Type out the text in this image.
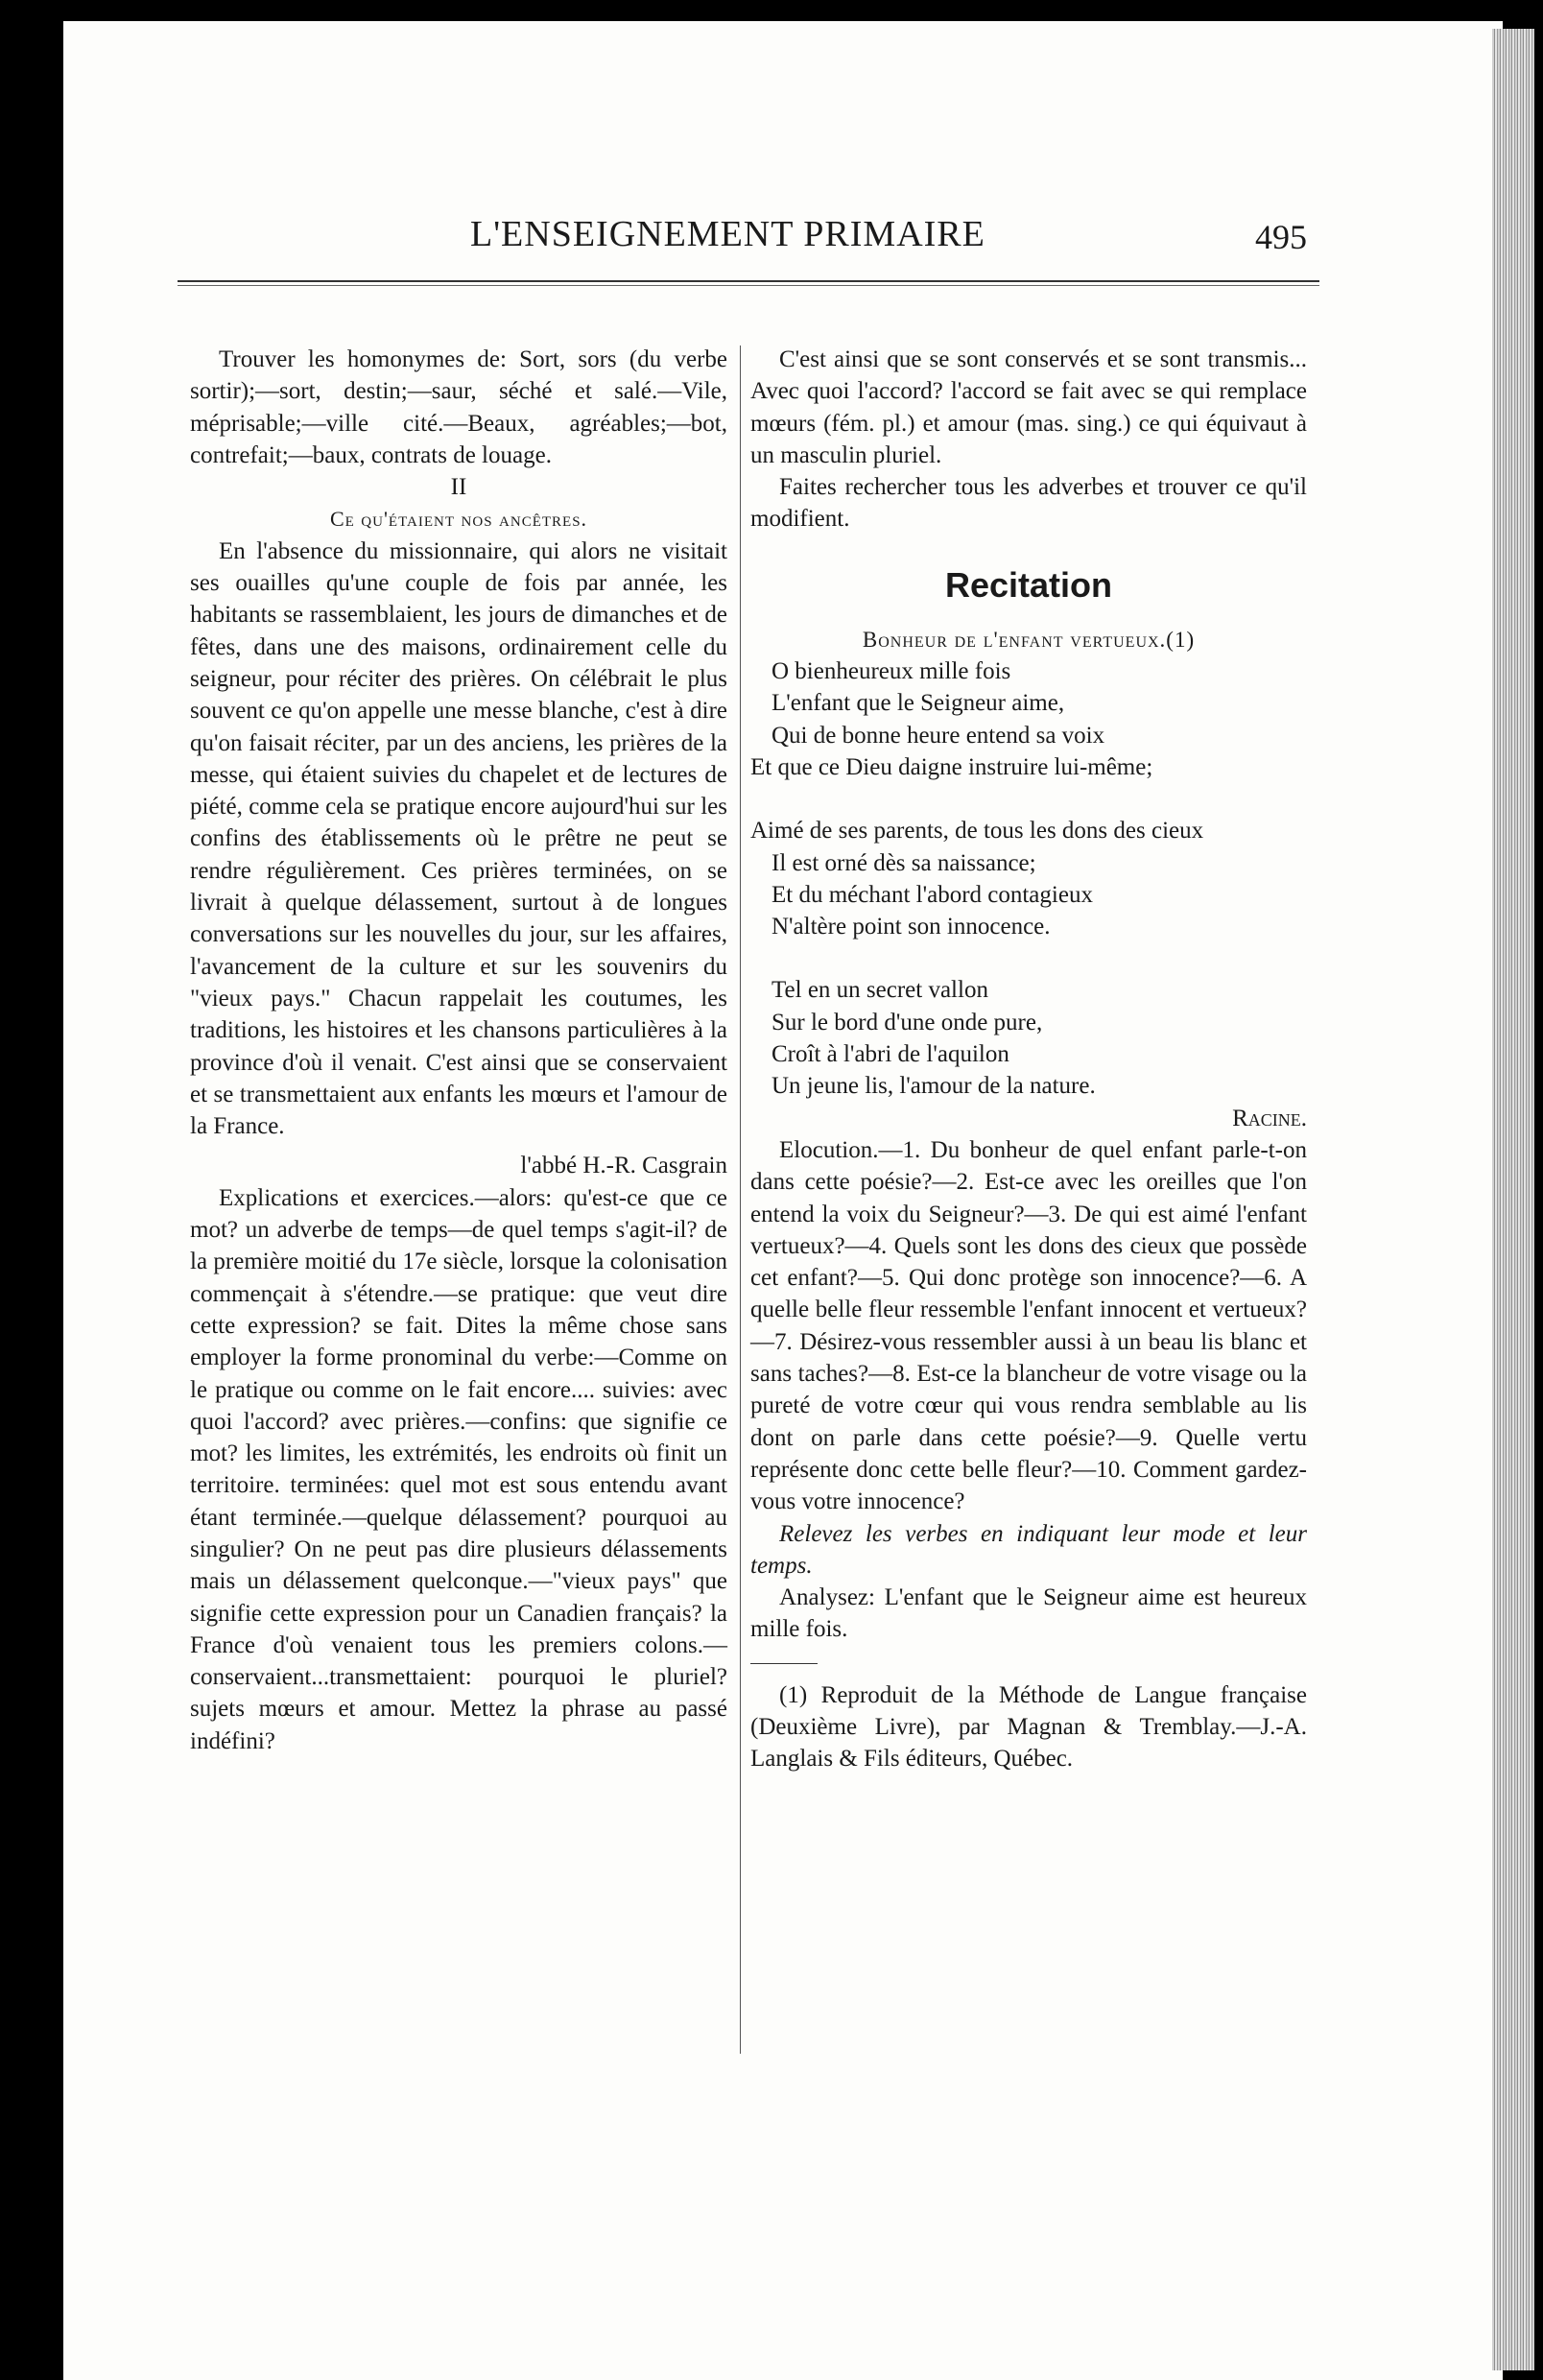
L'ENSEIGNEMENT PRIMAIRE	495

Trouver les homonymes de: Sort, sors (du verbe sortir);—sort, destin;—saur, séché et salé.—Vile, méprisable;—ville cité.—Beaux, agréables;—bot, contrefait;—baux, contrats de louage.

II

Ce qu'étaient nos ancêtres.

En l'absence du missionnaire, qui alors ne visitait ses ouailles qu'une couple de fois par année, les habitants se rassemblaient, les jours de dimanches et de fêtes, dans une des maisons, ordinairement celle du seigneur, pour réciter des prières. On célébrait le plus souvent ce qu'on appelle une messe blanche, c'est à dire qu'on faisait réciter, par un des anciens, les prières de la messe, qui étaient suivies du chapelet et de lectures de piété, comme cela se pratique encore aujourd'hui sur les confins des établissements où le prêtre ne peut se rendre régulièrement. Ces prières terminées, on se livrait à quelque délassement, surtout à de longues conversations sur les nouvelles du jour, sur les affaires, l'avancement de la culture et sur les souvenirs du "vieux pays." Chacun rappelait les coutumes, les traditions, les histoires et les chansons particulières à la province d'où il venait. C'est ainsi que se conservaient et se transmettaient aux enfants les mœurs et l'amour de la France.

l'abbé H.-R. Casgrain

Explications et exercices.—alors: qu'est-ce que ce mot? un adverbe de temps—de quel temps s'agit-il? de la première moitié du 17e siècle, lorsque la colonisation commençait à s'étendre.—se pratique: que veut dire cette expression? se fait. Dites la même chose sans employer la forme pronominal du verbe:—Comme on le pratique ou comme on le fait encore.... suivies: avec quoi l'accord? avec prières.—confins: que signifie ce mot? les limites, les extrémités, les endroits où finit un territoire. terminées: quel mot est sous entendu avant étant terminée.—quelque délassement? pourquoi au singulier? On ne peut pas dire plusieurs délassements mais un délassement quelconque.—"vieux pays" que signifie cette expression pour un Canadien français? la France d'où venaient tous les premiers colons.—conservaient...transmettaient: pourquoi le pluriel? sujets mœurs et amour. Mettez la phrase au passé indéfini?

C'est ainsi que se sont conservés et se sont transmis... Avec quoi l'accord? l'accord se fait avec se qui remplace mœurs (fém. pl.) et amour (mas. sing.) ce qui équivaut à un masculin pluriel.

Faites rechercher tous les adverbes et trouver ce qu'il modifient.

Recitation

Bonheur de l'enfant vertueux.(1)

O bienheureux mille fois
L'enfant que le Seigneur aime,
Qui de bonne heure entend sa voix
Et que ce Dieu daigne instruire lui-même;
Aimé de ses parents, de tous les dons des cieux
Il est orné dès sa naissance;
Et du méchant l'abord contagieux
N'altère point son innocence.
Tel en un secret vallon
Sur le bord d'une onde pure,
Croît à l'abri de l'aquilon
Un jeune lis, l'amour de la nature.

Racine.

Elocution.—1. Du bonheur de quel enfant parle-t-on dans cette poésie?—2. Est-ce avec les oreilles que l'on entend la voix du Seigneur?—3. De qui est aimé l'enfant vertueux?—4. Quels sont les dons des cieux que possède cet enfant?—5. Qui donc protège son innocence?—6. A quelle belle fleur ressemble l'enfant innocent et vertueux?—7. Désirez-vous ressembler aussi à un beau lis blanc et sans taches?—8. Est-ce la blancheur de votre visage ou la pureté de votre cœur qui vous rendra semblable au lis dont on parle dans cette poésie?—9. Quelle vertu représente donc cette belle fleur?—10. Comment gardez-vous votre innocence?

Relevez les verbes en indiquant leur mode et leur temps.

Analysez: L'enfant que le Seigneur aime est heureux mille fois.

(1) Reproduit de la Méthode de Langue française (Deuxième Livre), par Magnan & Tremblay.—J.-A. Langlais & Fils éditeurs, Québec.
